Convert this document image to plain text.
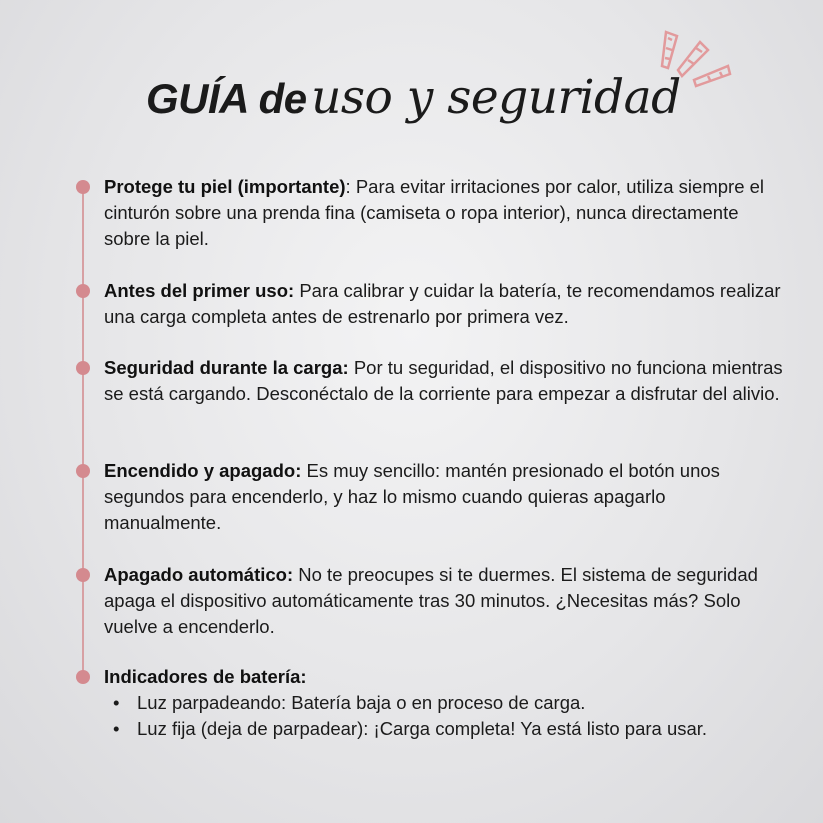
GUÍA de uso y seguridad
Protege tu piel (importante): Para evitar irritaciones por calor, utiliza siempre el cinturón sobre una prenda fina (camiseta o ropa interior), nunca directamente sobre la piel.
Antes del primer uso: Para calibrar y cuidar la batería, te recomendamos realizar una carga completa antes de estrenarlo por primera vez.
Seguridad durante la carga: Por tu seguridad, el dispositivo no funciona mientras se está cargando. Desconéctalo de la corriente para empezar a disfrutar del alivio.
Encendido y apagado: Es muy sencillo: mantén presionado el botón unos segundos para encenderlo, y haz lo mismo cuando quieras apagarlo manualmente.
Apagado automático: No te preocupes si te duermes. El sistema de seguridad apaga el dispositivo automáticamente tras 30 minutos. ¿Necesitas más? Solo vuelve a encenderlo.
Indicadores de batería:
• Luz parpadeando: Batería baja o en proceso de carga.
• Luz fija (deja de parpadear): ¡Carga completa! Ya está listo para usar.
